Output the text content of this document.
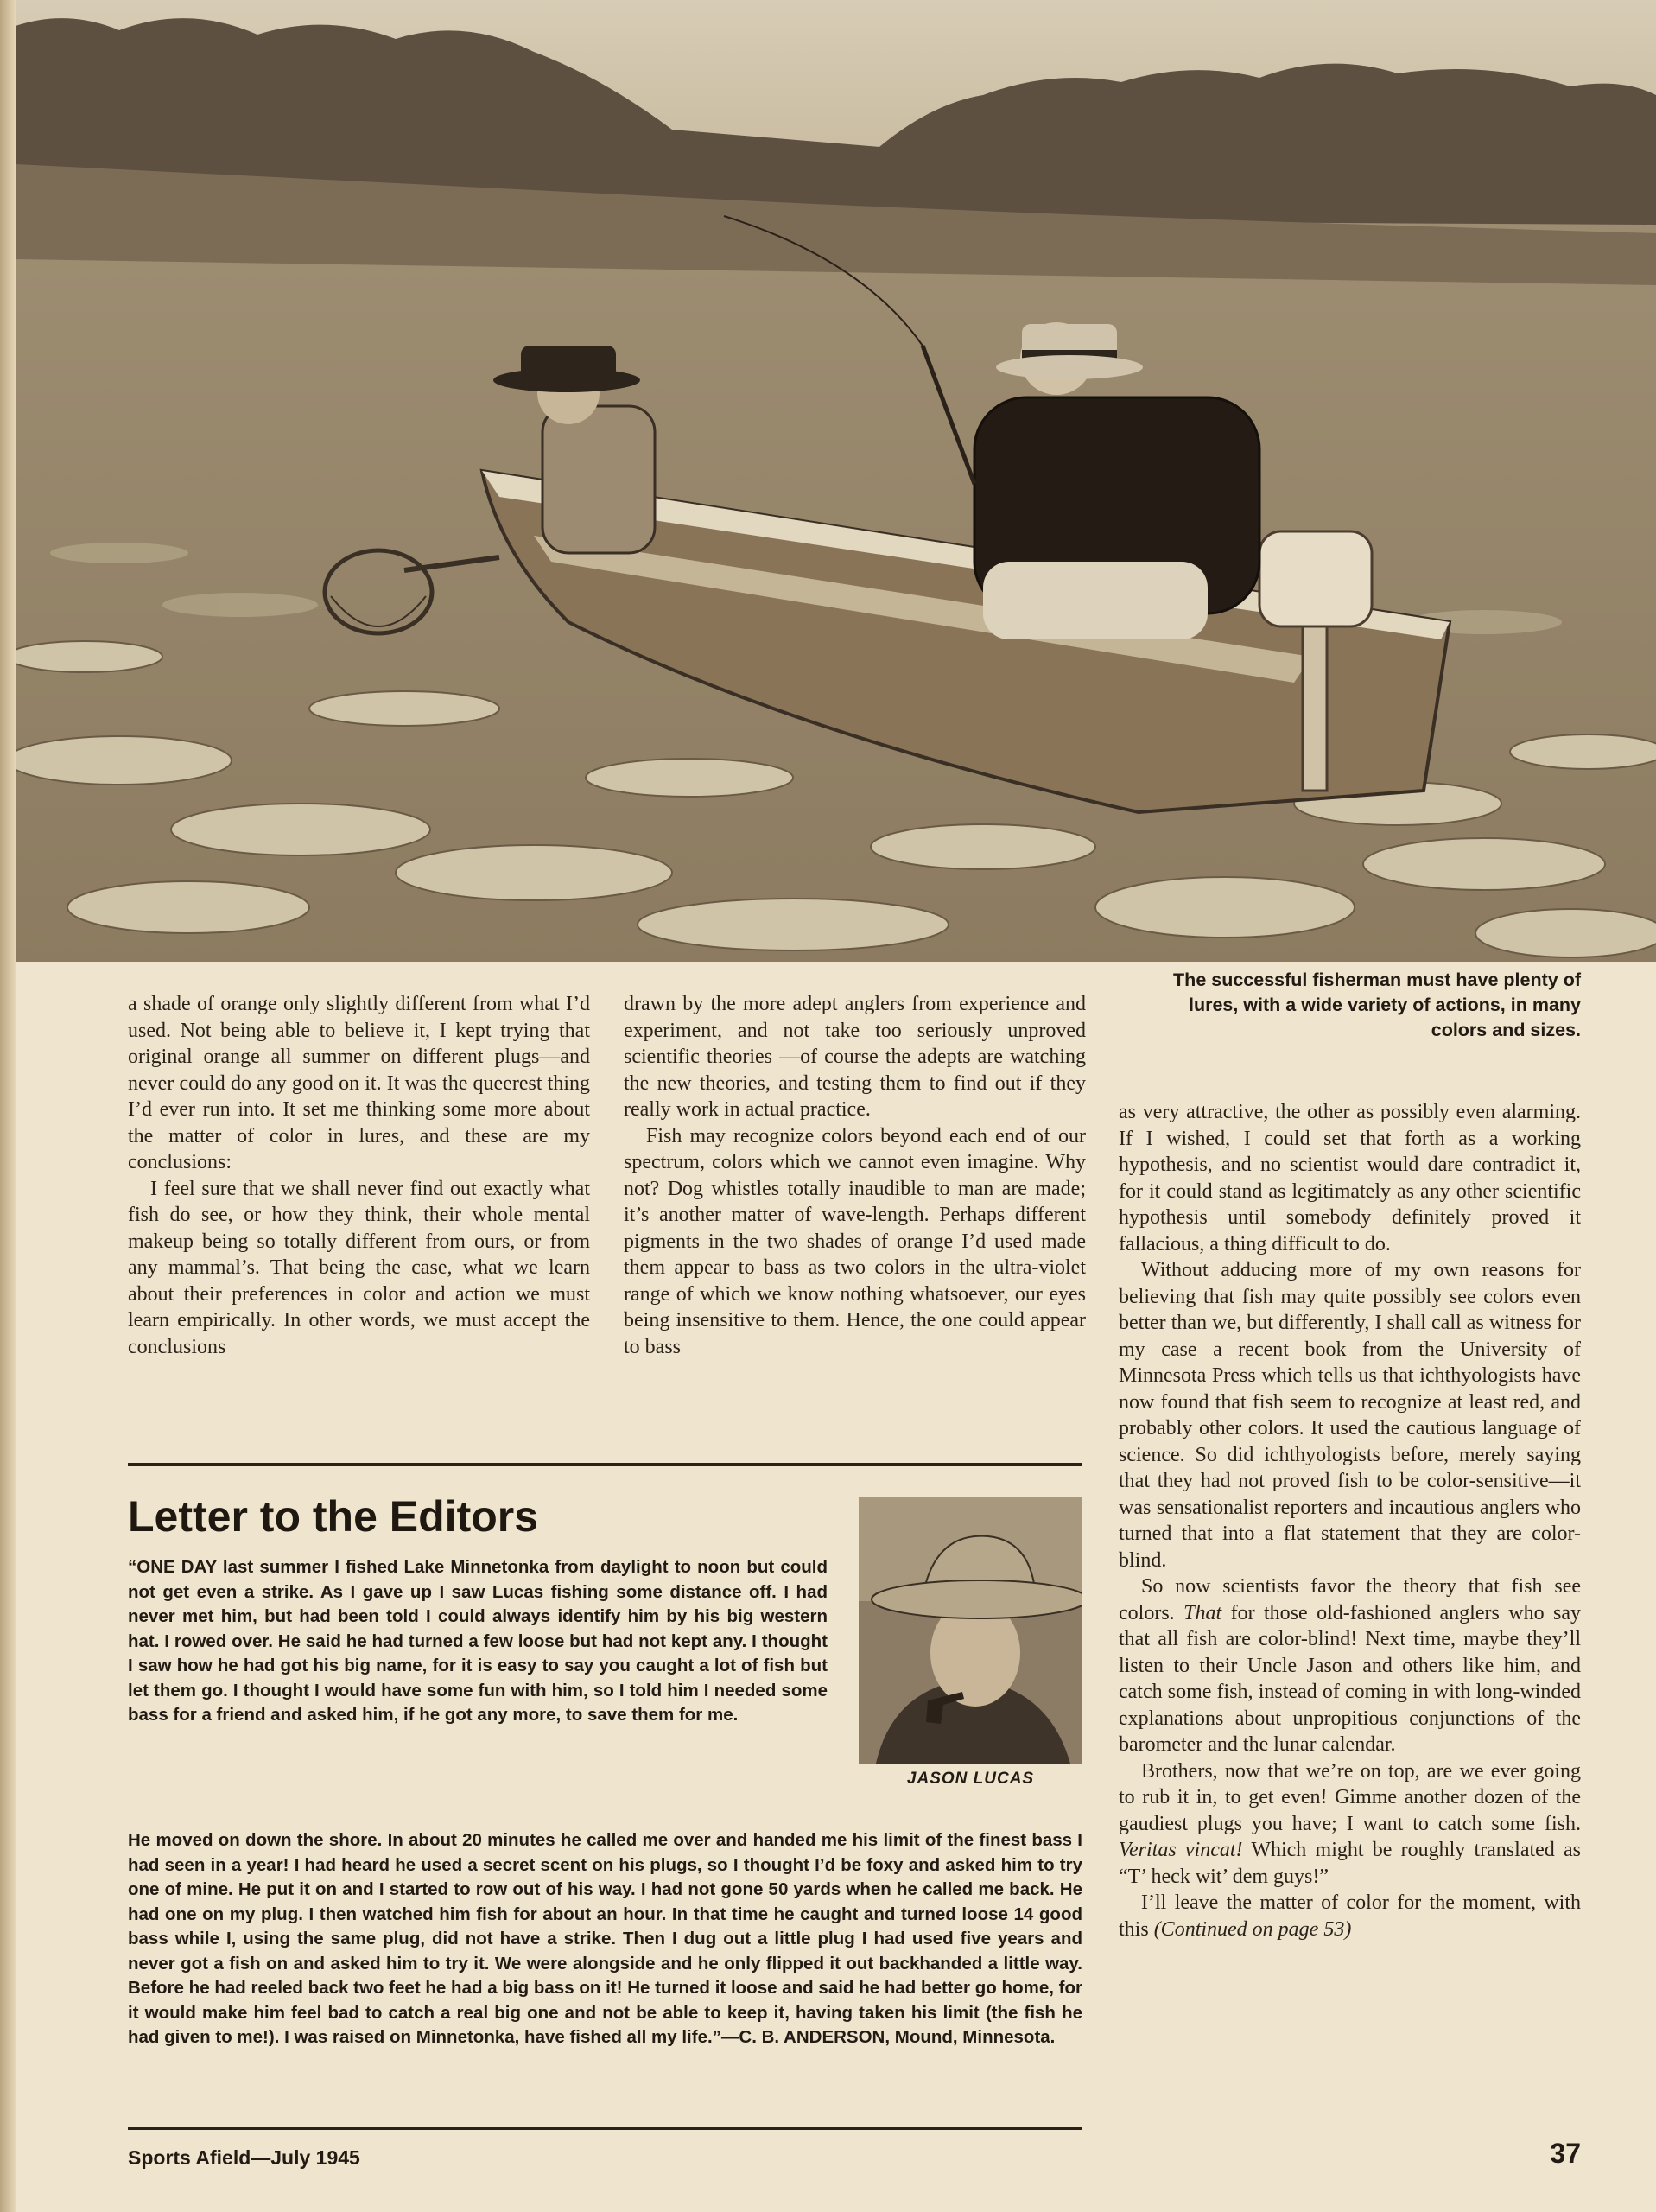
The successful fisherman must have plenty of lures, with a wide variety of actions, in many colors and sizes.

a shade of orange only slightly different from what I’d used. Not being able to believe it, I kept trying that original orange all summer on different plugs—and never could do any good on it. It was the queerest thing I’d ever run into. It set me thinking some more about the matter of color in lures, and these are my conclusions:

I feel sure that we shall never find out exactly what fish do see, or how they think, their whole mental makeup being so totally different from ours, or from any mammal’s. That being the case, what we learn about their preferences in color and action we must learn empirically. In other words, we must accept the conclusions

drawn by the more adept anglers from experience and experiment, and not take too seriously unproved scientific theories —of course the adepts are watching the new theories, and testing them to find out if they really work in actual practice.

Fish may recognize colors beyond each end of our spectrum, colors which we cannot even imagine. Why not? Dog whistles totally inaudible to man are made; it’s another matter of wave-length. Perhaps different pigments in the two shades of orange I’d used made them appear to bass as two colors in the ultra-violet range of which we know nothing whatsoever, our eyes being insensitive to them. Hence, the one could appear to bass

as very attractive, the other as possibly even alarming. If I wished, I could set that forth as a working hypothesis, and no scientist would dare contradict it, for it could stand as legitimately as any other scientific hypothesis until somebody definitely proved it fallacious, a thing difficult to do.

Without adducing more of my own reasons for believing that fish may quite possibly see colors even better than we, but differently, I shall call as witness for my case a recent book from the University of Minnesota Press which tells us that ichthyologists have now found that fish seem to recognize at least red, and probably other colors. It used the cautious language of science. So did ichthyologists before, merely saying that they had not proved fish to be color-sensitive—it was sensationalist reporters and incautious anglers who turned that into a flat statement that they are color-blind.

So now scientists favor the theory that fish see colors. That for those old-fashioned anglers who say that all fish are color-blind! Next time, maybe they’ll listen to their Uncle Jason and others like him, and catch some fish, instead of coming in with long-winded explanations about unpropitious conjunctions of the barometer and the lunar calendar.

Brothers, now that we’re on top, are we ever going to rub it in, to get even! Gimme another dozen of the gaudiest plugs you have; I want to catch some fish. Veritas vincat! Which might be roughly translated as “T’ heck wit’ dem guys!”

I’ll leave the matter of color for the moment, with this (Continued on page 53)

Letter to the Editors

JASON LUCAS

“ONE DAY last summer I fished Lake Minnetonka from daylight to noon but could not get even a strike. As I gave up I saw Lucas fishing some distance off. I had never met him, but had been told I could always identify him by his big western hat. I rowed over. He said he had turned a few loose but had not kept any. I thought I saw how he had got his big name, for it is easy to say you caught a lot of fish but let them go. I thought I would have some fun with him, so I told him I needed some bass for a friend and asked him, if he got any more, to save them for me.

He moved on down the shore. In about 20 minutes he called me over and handed me his limit of the finest bass I had seen in a year! I had heard he used a secret scent on his plugs, so I thought I’d be foxy and asked him to try one of mine. He put it on and I started to row out of his way. I had not gone 50 yards when he called me back. He had one on my plug. I then watched him fish for about an hour. In that time he caught and turned loose 14 good bass while I, using the same plug, did not have a strike. Then I dug out a little plug I had used five years and never got a fish on and asked him to try it. We were alongside and he only flipped it out backhanded a little way. Before he had reeled back two feet he had a big bass on it! He turned it loose and said he had better go home, for it would make him feel bad to catch a real big one and not be able to keep it, having taken his limit (the fish he had given to me!). I was raised on Minnetonka, have fished all my life.”—C. B. ANDERSON, Mound, Minnesota.

Sports Afield—July 1945	37
